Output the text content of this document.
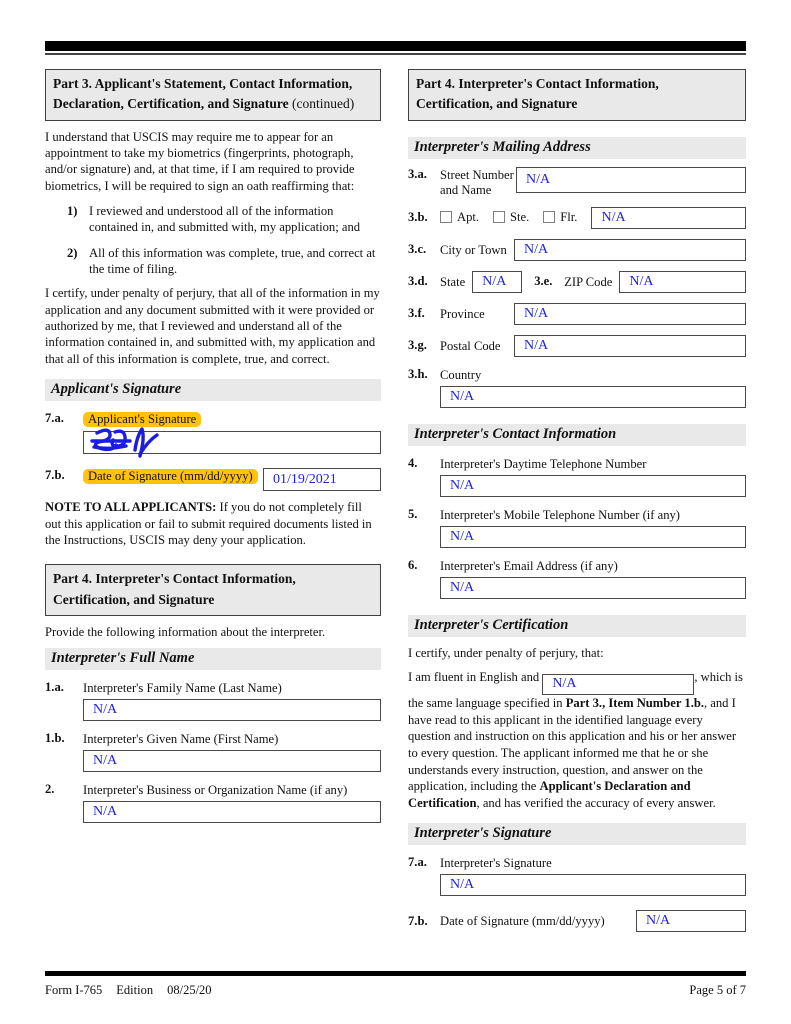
Part 3. Applicant's Statement, Contact Information, Declaration, Certification, and Signature (continued)

I understand that USCIS may require me to appear for an appointment to take my biometrics (fingerprints, photograph, and/or signature) and, at that time, if I am required to provide biometrics, I will be required to sign an oath reaffirming that:

1) I reviewed and understood all of the information contained in, and submitted with, my application; and
2) All of this information was complete, true, and correct at the time of filing.

I certify, under penalty of perjury, that all of the information in my application and any document submitted with it were provided or authorized by me, that I reviewed and understand all of the information contained in, and submitted with, my application and that all of this information is complete, true, and correct.

Applicant's Signature
7.a.	Applicant's Signature
7.b.	Date of Signature (mm/dd/yyyy)	01/19/2021

NOTE TO ALL APPLICANTS: If you do not completely fill out this application or fail to submit required documents listed in the Instructions, USCIS may deny your application.

Part 4. Interpreter's Contact Information, Certification, and Signature

Provide the following information about the interpreter.

Interpreter's Full Name
1.a.	Interpreter's Family Name (Last Name)
N/A
1.b.	Interpreter's Given Name (First Name)
N/A
2.	Interpreter's Business or Organization Name (if any)
N/A
Part 4. Interpreter's Contact Information, Certification, and Signature
Interpreter's Mailing Address
3.a.	Street Number
and Name
N/A
3.b.	Apt.	Ste.	Flr. N/A
3.c.	City or Town	N/A
3.d. State N/A 3.e. ZIP Code N/A
3.f.	Province	N/A
3.g.	Postal Code	N/A
3.h. Country
N/A
Interpreter's Contact Information
4.	Interpreter's Daytime Telephone Number
N/A
5.	Interpreter's Mobile Telephone Number (if any)
N/A
6.	Interpreter's Email Address (if any)
N/A
Interpreter's Certification

I certify, under penalty of perjury, that:

I am fluent in English and N/A	, which is the same language specified in Part 3., Item Number 1.b., and I have read to this applicant in the identified language every question and instruction on this application and his or her answer to every question. The applicant informed me that he or she understands every instruction, question, and answer on the application, including the Applicant's Declaration and Certification, and has verified the accuracy of every answer.

Interpreter's Signature
7.a.	Interpreter's Signature
N/A
7.b. Date of Signature (mm/dd/yyyy)	N/A
Form I-765 Edition 08/25/20	Page 5 of 7
